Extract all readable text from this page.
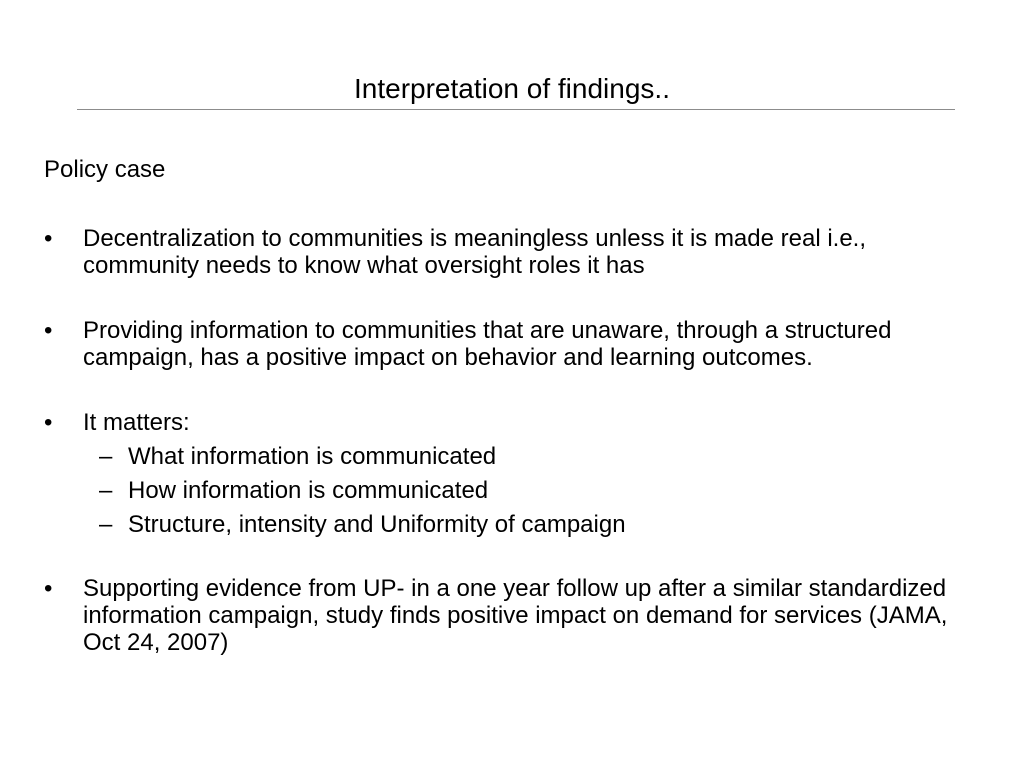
Interpretation of findings..
Policy case
•	Decentralization to communities is meaningless unless it is made real i.e., community needs to know what oversight roles it has
•	Providing information to communities that are unaware, through a structured campaign, has a positive impact on behavior and learning outcomes.
•	It matters:
– What information is communicated
– How information is communicated
– Structure, intensity and Uniformity of campaign
•	Supporting evidence from UP- in a one year follow up after a similar standardized information campaign, study finds positive impact on demand for services (JAMA, Oct 24, 2007)
